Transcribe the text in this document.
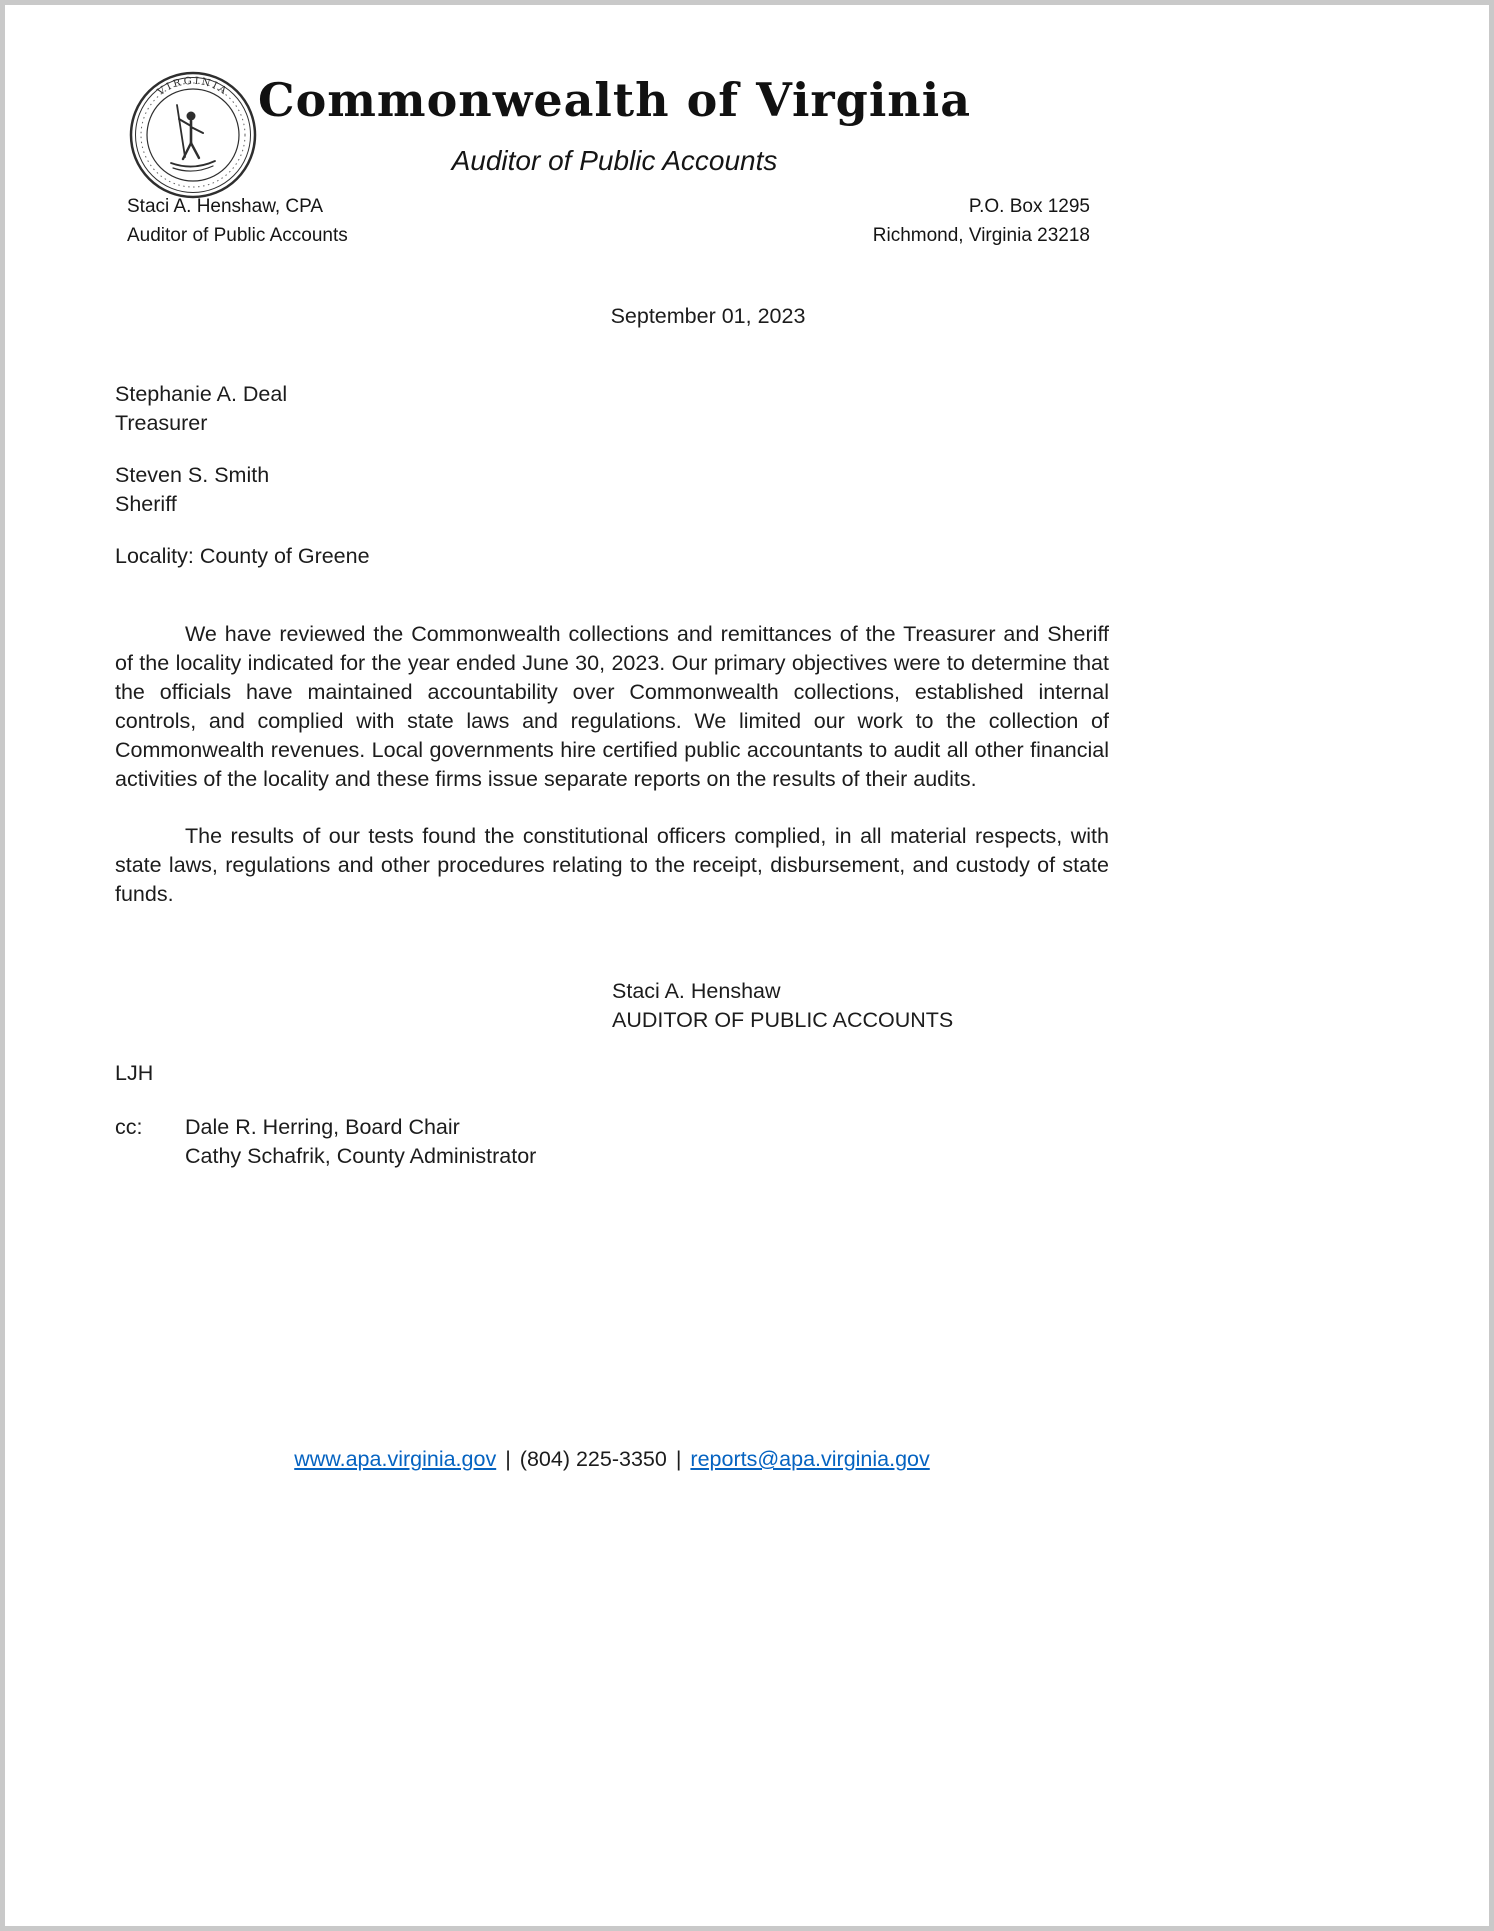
VIRGINIA Commonwealth of Virginia
Auditor of Public Accounts
Staci A. Henshaw, CPA
Auditor of Public Accounts
P.O. Box 1295
Richmond, Virginia 23218
September 01, 2023
Stephanie A. Deal
Treasurer
Steven S. Smith
Sheriff
Locality: County of Greene

We have reviewed the Commonwealth collections and remittances of the Treasurer and Sheriff of the locality indicated for the year ended June 30, 2023. Our primary objectives were to determine that the officials have maintained accountability over Commonwealth collections, established internal controls, and complied with state laws and regulations. We limited our work to the collection of Commonwealth revenues. Local governments hire certified public accountants to audit all other financial activities of the locality and these firms issue separate reports on the results of their audits.

The results of our tests found the constitutional officers complied, in all material respects, with state laws, regulations and other procedures relating to the receipt, disbursement, and custody of state funds.

Staci A. Henshaw
AUDITOR OF PUBLIC ACCOUNTS
LJH
cc:	Dale R. Herring, Board Chair
Cathy Schafrik, County Administrator
www.apa.virginia.gov | (804) 225-3350 | reports@apa.virginia.gov
